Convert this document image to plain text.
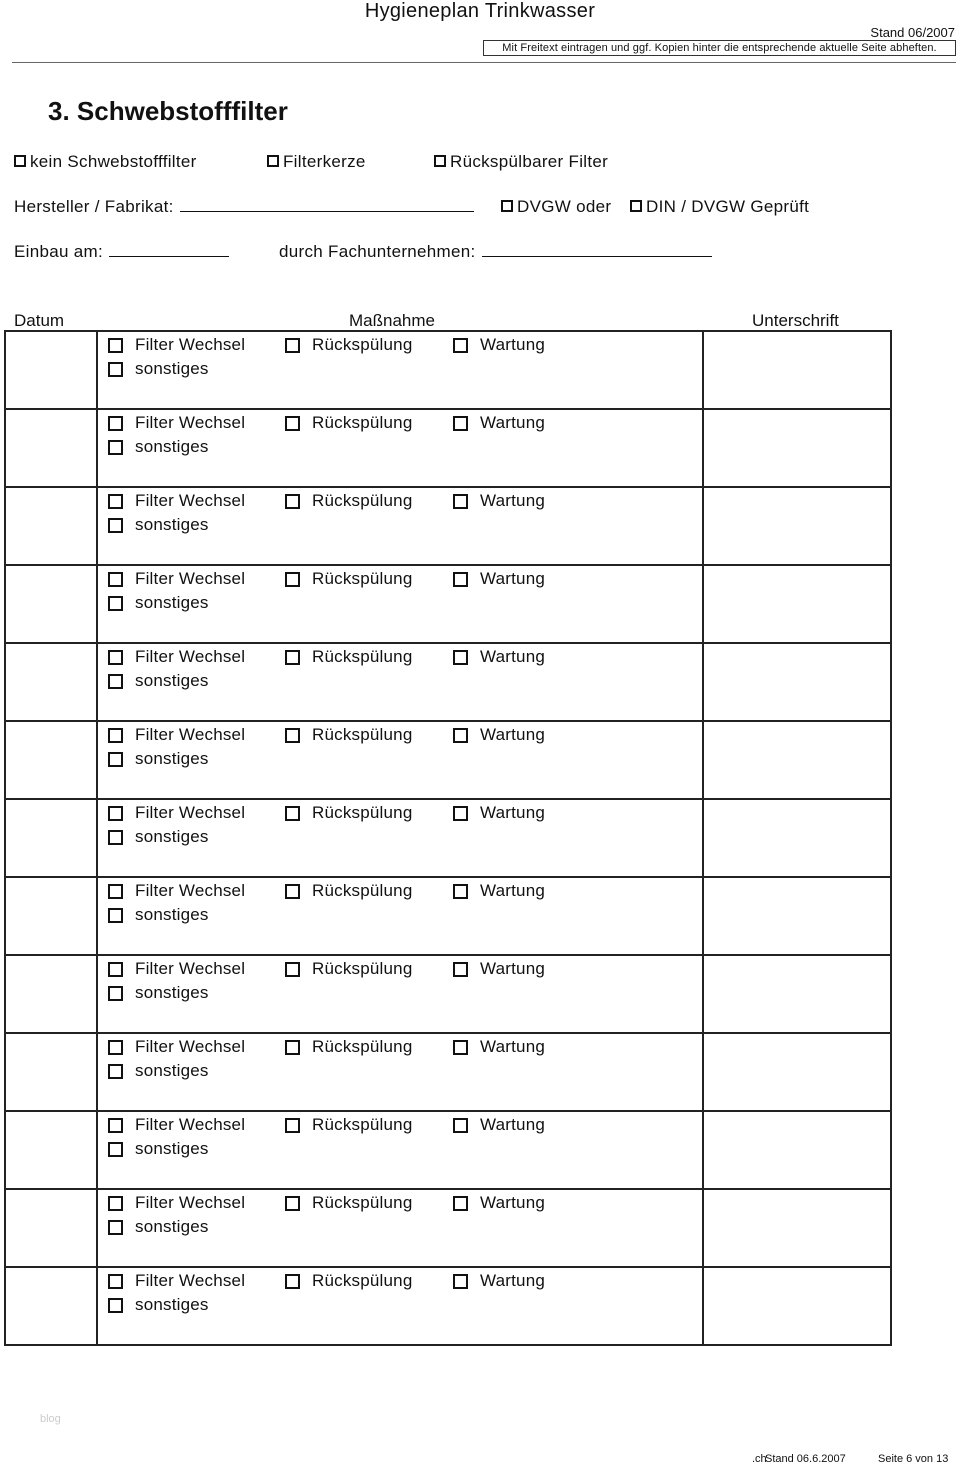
Hygieneplan Trinkwasser
Stand 06/2007
Mit Freitext eintragen und ggf. Kopien hinter die entsprechende aktuelle Seite abheften.
3. Schwebstofffilter
kein Schwebstofffilter	Filterkerze	Rückspülbarer Filter
Hersteller / Fabrikat:	DVGW oder	DIN / DVGW Geprüft
Einbau am:	durch Fachunternehmen:
Datum	Maßnahme	Unterschrift

Filter Wechsel Rückspülung Wartung
sonstiges	

Filter Wechsel Rückspülung Wartung
sonstiges	

Filter Wechsel Rückspülung Wartung
sonstiges	

Filter Wechsel Rückspülung Wartung
sonstiges	

Filter Wechsel Rückspülung Wartung
sonstiges	

Filter Wechsel Rückspülung Wartung
sonstiges	

Filter Wechsel Rückspülung Wartung
sonstiges	

Filter Wechsel Rückspülung Wartung
sonstiges	

Filter Wechsel Rückspülung Wartung
sonstiges	

Filter Wechsel Rückspülung Wartung
sonstiges	

Filter Wechsel Rückspülung Wartung
sonstiges	

Filter Wechsel Rückspülung Wartung
sonstiges	

Filter Wechsel Rückspülung Wartung
sonstiges	

blog
.ch
Stand 06.6.2007	Seite 6 von 13
